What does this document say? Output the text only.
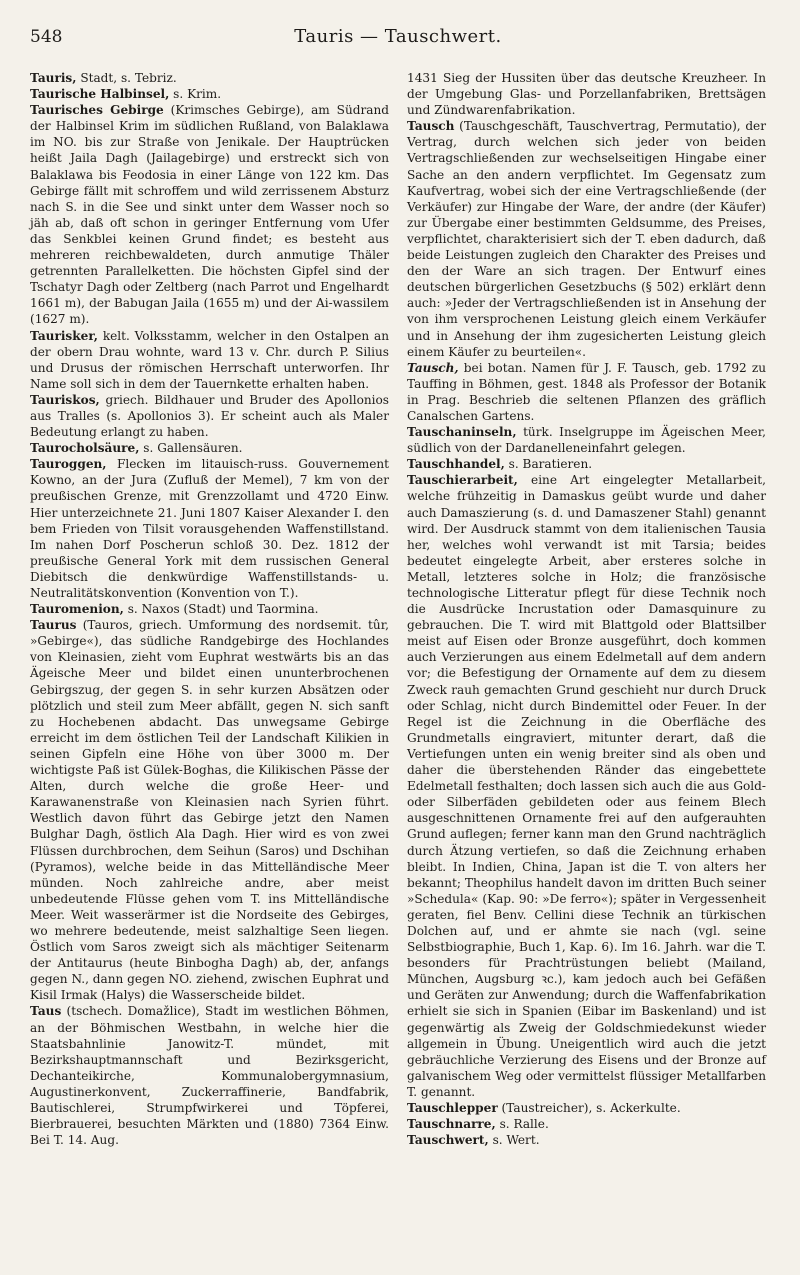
548	Tauris — Tauschwert.

Tauris, Stadt, s. Tebriz.

Taurische Halbinsel, s. Krim.

Taurisches Gebirge (Krimsches Gebirge), am Südrand der Halbinsel Krim im südlichen Rußland, von Balaklawa im NO. bis zur Straße von Jenikale. Der Hauptrücken heißt Jaila Dagh (Jailagebirge) und erstreckt sich von Balaklawa bis Feodosia in einer Länge von 122 km. Das Gebirge fällt mit schroffem und wild zerrissenem Absturz nach S. in die See und sinkt unter dem Wasser noch so jäh ab, daß oft schon in geringer Entfernung vom Ufer das Senkblei keinen Grund findet; es besteht aus mehreren reichbewaldeten, durch anmutige Thäler getrennten Parallelketten. Die höchsten Gipfel sind der Tschatyr Dagh oder Zeltberg (nach Parrot und Engelhardt 1661 m), der Babugan Jaila (1655 m) und der Ai-wassilem (1627 m).

Taurisker, kelt. Volksstamm, welcher in den Ostalpen an der obern Drau wohnte, ward 13 v. Chr. durch P. Silius und Drusus der römischen Herrschaft unterworfen. Ihr Name soll sich in dem der Tauernkette erhalten haben.

Tauriskos, griech. Bildhauer und Bruder des Apollonios aus Tralles (s. Apollonios 3). Er scheint auch als Maler Bedeutung erlangt zu haben.

Taurocholsäure, s. Gallensäuren.

Tauroggen, Flecken im litauisch-russ. Gouvernement Kowno, an der Jura (Zufluß der Memel), 7 km von der preußischen Grenze, mit Grenzzollamt und 4720 Einw. Hier unterzeichnete 21. Juni 1807 Kaiser Alexander I. den bem Frieden von Tilsit vorausgehenden Waffenstillstand. Im nahen Dorf Poscherun schloß 30. Dez. 1812 der preußische General York mit dem russischen General Diebitsch die denkwürdige Waffenstillstands- u. Neutralitätskonvention (Konvention von T.).

Tauromenion, s. Naxos (Stadt) und Taormina.

Taurus (Tauros, griech. Umformung des nordsemit. tûr, »Gebirge«), das südliche Randgebirge des Hochlandes von Kleinasien, zieht vom Euphrat westwärts bis an das Ägeische Meer und bildet einen ununterbrochenen Gebirgszug, der gegen S. in sehr kurzen Absätzen oder plötzlich und steil zum Meer abfällt, gegen N. sich sanft zu Hochebenen abdacht. Das unwegsame Gebirge erreicht im dem östlichen Teil der Landschaft Kilikien in seinen Gipfeln eine Höhe von über 3000 m. Der wichtigste Paß ist Gülek-Boghas, die Kilikischen Pässe der Alten, durch welche die große Heer- und Karawanenstraße von Kleinasien nach Syrien führt. Westlich davon führt das Gebirge jetzt den Namen Bulghar Dagh, östlich Ala Dagh. Hier wird es von zwei Flüssen durchbrochen, dem Seihun (Saros) und Dschihan (Pyramos), welche beide in das Mittelländische Meer münden. Noch zahlreiche andre, aber meist unbedeutende Flüsse gehen vom T. ins Mittelländische Meer. Weit wasserärmer ist die Nordseite des Gebirges, wo mehrere bedeutende, meist salzhaltige Seen liegen. Östlich vom Saros zweigt sich als mächtiger Seitenarm der Antitaurus (heute Binboghа Dagh) ab, der, anfangs gegen N., dann gegen NO. ziehend, zwischen Euphrat und Kisil Irmak (Halys) die Wasserscheide bildet.

Taus (tschech. Domažlice), Stadt im westlichen Böhmen, an der Böhmischen Westbahn, in welche hier die Staatsbahnlinie Janowitz-T. mündet, mit Bezirkshauptmannschaft und Bezirksgericht, Dechanteikirche, Kommunalobergymnasium, Augustinerkonvent, Zuckerraffinerie, Bandfabrik, Bautischlerei, Strumpfwirkerei und Töpferei, Bierbrauerei, besuchten Märkten und (1880) 7364 Einw. Bei T. 14. Aug.

1431 Sieg der Hussiten über das deutsche Kreuzheer. In der Umgebung Glas- und Porzellanfabriken, Brettsägen und Zündwarenfabrikation.

Tausch (Tauschgeschäft, Tauschvertrag, Permutatio), der Vertrag, durch welchen sich jeder von beiden Vertragschließenden zur wechselseitigen Hingabe einer Sache an den andern verpflichtet. Im Gegensatz zum Kaufvertrag, wobei sich der eine Vertragschließende (der Verkäufer) zur Hingabe der Ware, der andre (der Käufer) zur Übergabe einer bestimmten Geldsumme, des Preises, verpflichtet, charakterisiert sich der T. eben dadurch, daß beide Leistungen zugleich den Charakter des Preises und den der Ware an sich tragen. Der Entwurf eines deutschen bürgerlichen Gesetzbuchs (§ 502) erklärt denn auch: »Jeder der Vertragschließenden ist in Ansehung der von ihm versprochenen Leistung gleich einem Verkäufer und in Ansehung der ihm zugesicherten Leistung gleich einem Käufer zu beurteilen«.

Tausch, bei botan. Namen für J. F. Tausch, geb. 1792 zu Tauffing in Böhmen, gest. 1848 als Professor der Botanik in Prag. Beschrieb die seltenen Pflanzen des gräflich Canalschen Gartens.

Tauschaninseln, türk. Inselgruppe im Ägeischen Meer, südlich von der Dardanelleneinfahrt gelegen.

Tauschhandel, s. Baratieren.

Tauschierarbeit, eine Art eingelegter Metallarbeit, welche frühzeitig in Damaskus geübt wurde und daher auch Damaszierung (s. d. und Damaszener Stahl) genannt wird. Der Ausdruck stammt von dem italienischen Tausia her, welches wohl verwandt ist mit Tarsia; beides bedeutet eingelegte Arbeit, aber ersteres solche in Metall, letzteres solche in Holz; die französische technologische Litteratur pflegt für diese Technik noch die Ausdrücke Incrustation oder Damasquinure zu gebrauchen. Die T. wird mit Blattgold oder Blattsilber meist auf Eisen oder Bronze ausgeführt, doch kommen auch Verzierungen aus einem Edelmetall auf dem andern vor; die Befestigung der Ornamente auf dem zu diesem Zweck rauh gemachten Grund geschieht nur durch Druck oder Schlag, nicht durch Bindemittel oder Feuer. In der Regel ist die Zeichnung in die Oberfläche des Grundmetalls eingraviert, mitunter derart, daß die Vertiefungen unten ein wenig breiter sind als oben und daher die überstehenden Ränder das eingebettete Edelmetall festhalten; doch lassen sich auch die aus Gold- oder Silberfäden gebildeten oder aus feinem Blech ausgeschnittenen Ornamente frei auf den aufgerauhten Grund auflegen; ferner kann man den Grund nachträglich durch Ätzung vertiefen, so daß die Zeichnung erhaben bleibt. In Indien, China, Japan ist die T. von alters her bekannt; Theophilus handelt davon im dritten Buch seiner »Schedula« (Kap. 90: »De ferro«); später in Vergessenheit geraten, fiel Benv. Cellini diese Technik an türkischen Dolchen auf, und er ahmte sie nach (vgl. seine Selbstbiographie, Buch 1, Kap. 6). Im 16. Jahrh. war die T. besonders für Prachtrüstungen beliebt (Mailand, München, Augsburg ꝛc.), kam jedoch auch bei Gefäßen und Geräten zur Anwendung; durch die Waffenfabrikation erhielt sie sich in Spanien (Eibar im Baskenland) und ist gegenwärtig als Zweig der Goldschmiedekunst wieder allgemein in Übung. Uneigentlich wird auch die jetzt gebräuchliche Verzierung des Eisens und der Bronze auf galvanischem Weg oder vermittelst flüssiger Metallfarben T. genannt.

Tauschlepper (Taustreicher), s. Ackerkulte.

Tauschnarre, s. Ralle.

Tauschwert, s. Wert.
